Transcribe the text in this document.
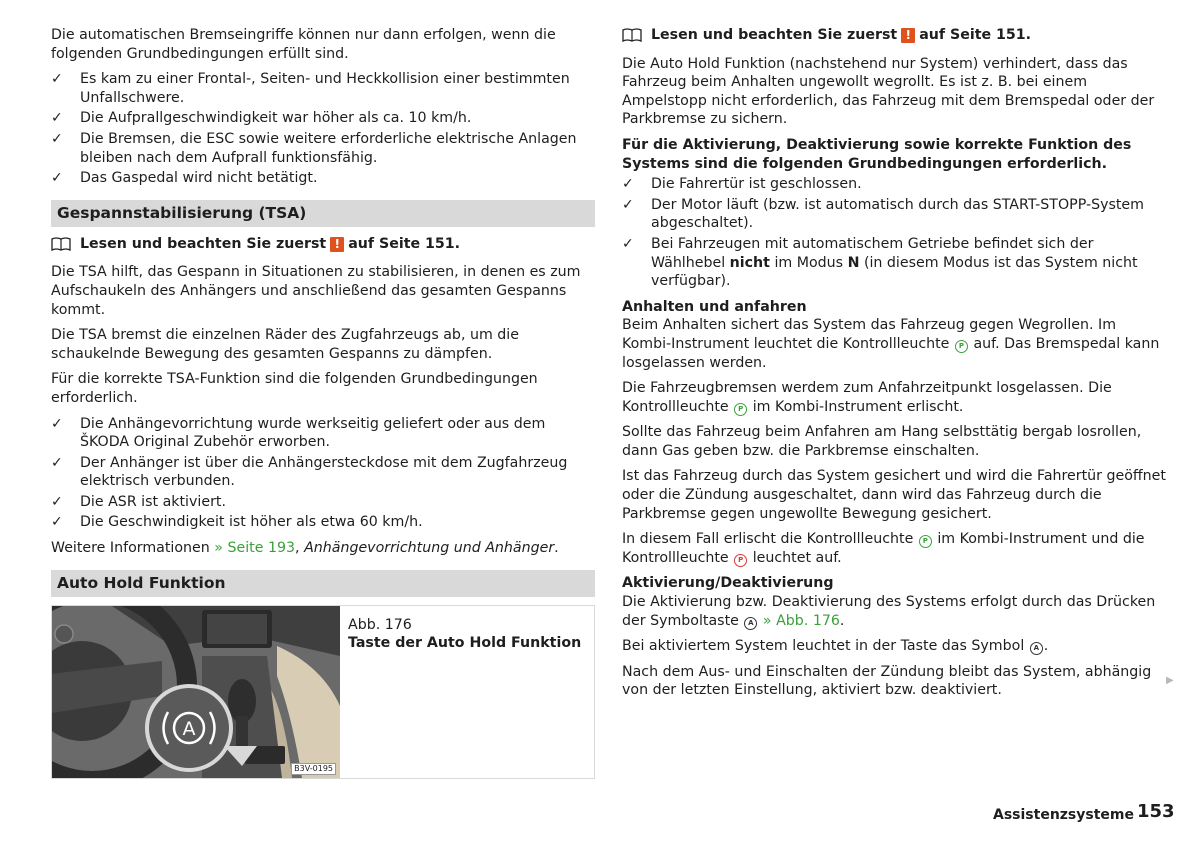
Die automatischen Bremseingriffe können nur dann erfolgen, wenn die folgenden Grundbedingungen erfüllt sind.

✓ Es kam zu einer Frontal-, Seiten- und Heckkollision einer bestimmten Unfallschwere.
✓ Die Aufprallgeschwindigkeit war höher als ca. 10 km/h.
✓ Die Bremsen, die ESC sowie weitere erforderliche elektrische Anlagen bleiben nach dem Aufprall funktionsfähig.
✓ Das Gaspedal wird nicht betätigt.
Gespannstabilisierung (TSA)
Lesen und beachten Sie zuerst ! auf Seite 151.

Die TSA hilft, das Gespann in Situationen zu stabilisieren, in denen es zum Aufschaukeln des Anhängers und anschließend das gesamten Gespanns kommt.

Die TSA bremst die einzelnen Räder des Zugfahrzeugs ab, um die schaukelnde Bewegung des gesamten Gespanns zu dämpfen.

Für die korrekte TSA-Funktion sind die folgenden Grundbedingungen erforderlich.

✓ Die Anhängevorrichtung wurde werkseitig geliefert oder aus dem ŠKODA Original Zubehör erworben.
✓ Der Anhänger ist über die Anhängersteckdose mit dem Zugfahrzeug elektrisch verbunden.
✓ Die ASR ist aktiviert.
✓ Die Geschwindigkeit ist höher als etwa 60 km/h.

Weitere Informationen » Seite 193, Anhängevorrichtung und Anhänger.

Auto Hold Funktion
A
B3V-0195
Abb. 176
Taste der Auto Hold Funktion
Lesen und beachten Sie zuerst ! auf Seite 151.

Die Auto Hold Funktion (nachstehend nur System) verhindert, dass das Fahrzeug beim Anhalten ungewollt wegrollt. Es ist z. B. bei einem Ampelstopp nicht erforderlich, das Fahrzeug mit dem Bremspedal oder der Parkbremse zu sichern.

Für die Aktivierung, Deaktivierung sowie korrekte Funktion des Systems sind die folgenden Grundbedingungen erforderlich.

✓ Die Fahrertür ist geschlossen.
✓ Der Motor läuft (bzw. ist automatisch durch das START-STOPP-System abgeschaltet).
✓ Bei Fahrzeugen mit automatischem Getriebe befindet sich der Wählhebel nicht im Modus N (in diesem Modus ist das System nicht verfügbar).
Anhalten und anfahren

Beim Anhalten sichert das System das Fahrzeug gegen Wegrollen. Im Kombi-Instrument leuchtet die Kontrollleuchte P auf. Das Bremspedal kann losgelassen werden.

Die Fahrzeugbremsen werdem zum Anfahrzeitpunkt losgelassen. Die Kontrollleuchte P im Kombi-Instrument erlischt.

Sollte das Fahrzeug beim Anfahren am Hang selbsttätig bergab losrollen, dann Gas geben bzw. die Parkbremse einschalten.

Ist das Fahrzeug durch das System gesichert und wird die Fahrertür geöffnet oder die Zündung ausgeschaltet, dann wird das Fahrzeug durch die Parkbremse gegen ungewollte Bewegung gesichert.

In diesem Fall erlischt die Kontrollleuchte P im Kombi-Instrument und die Kontrollleuchte P leuchtet auf.

Aktivierung/Deaktivierung

Die Aktivierung bzw. Deaktivierung des Systems erfolgt durch das Drücken der Symboltaste A » Abb. 176.

Bei aktiviertem System leuchtet in der Taste das Symbol A .

Nach dem Aus- und Einschalten der Zündung bleibt das System, abhängig von der letzten Einstellung, aktiviert bzw. deaktiviert.

▶
Assistenzsysteme 153
